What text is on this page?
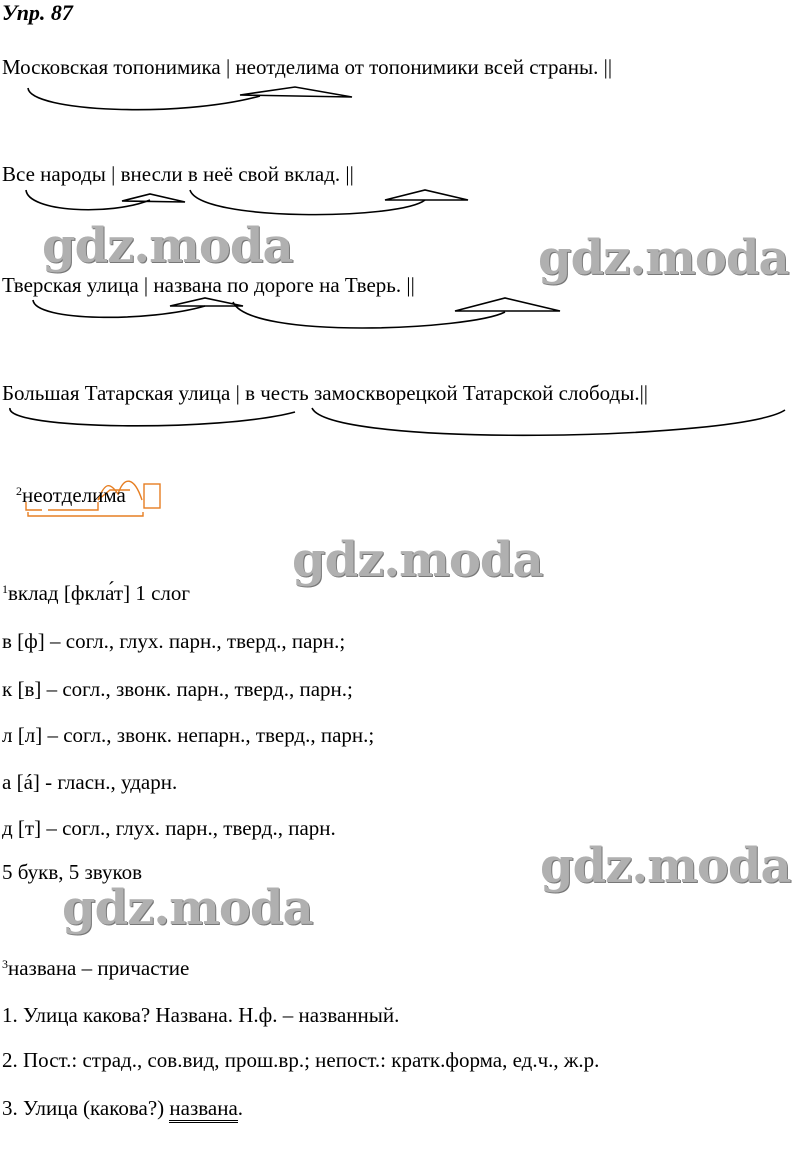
Упр. 87
Московская топонимика | неотделима от топонимики всей страны. ||
Все народы | внесли в неё свой вклад. ||
Тверская улица | названа по дороге на Тверь. ||
Большая Татарская улица | в честь замоскворецкой Татарской слободы.||
$^2$неотделима
$^1$вклад [фкла́т] 1 слог
в [ф] – согл., глух. парн., тверд., парн.;
к [в] – согл., звонк. парн., тверд., парн.;
л [л] – согл., звонк. непарн., тверд., парн.;
а [á] - гласн., ударн.
д [т] – согл., глух. парн., тверд., парн.
5 букв, 5 звуков
$^3$названа – причастие
1. Улица какова? Названа. Н.ф. – названный.
2. Пост.: страд., сов.вид, прош.вр.; непост.: кратк.форма, ед.ч., ж.р.
3. Улица (какова?) названа.
gdz.moda	gdz.moda
gdz.moda
gdz.moda
gdz.moda
